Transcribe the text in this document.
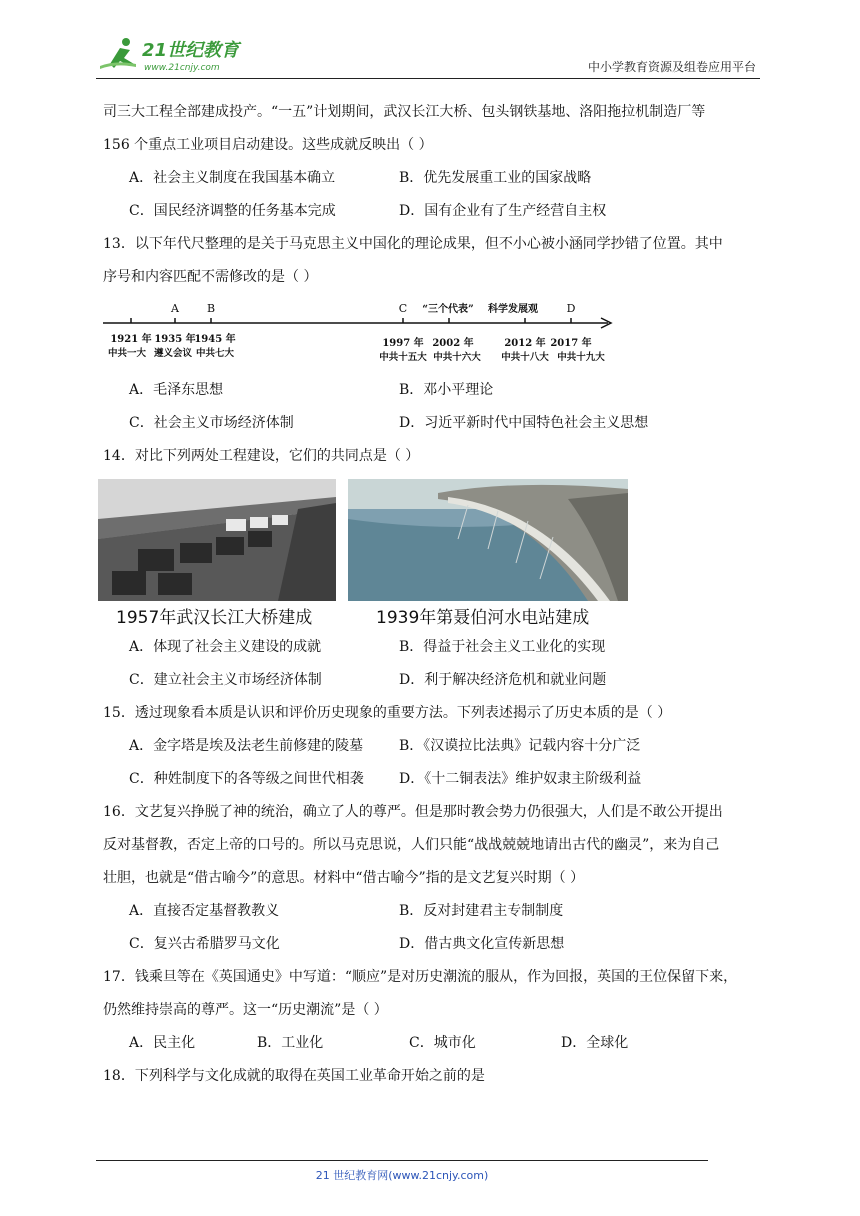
21世纪教育
www.21cnjy.com	中小学教育资源及组卷应用平台

司三大工程全部建成投产。“一五”计划期间，武汉长江大桥、包头钢铁基地、洛阳拖拉机制造厂等

156 个重点工业项目启动建设。这些成就反映出（ ）

A．社会主义制度在我国基本确立	B．优先发展重工业的国家战略
C．国民经济调整的任务基本完成	D．国有企业有了生产经营自主权

13．以下年代尺整理的是关于马克思主义中国化的理论成果，但不小心被小涵同学抄错了位置。其中

序号和内容匹配不需修改的是（ ）

A	B	C “三个代表” 科学发展观	D
1921 年 1935 年
1945 年	1997 年 2002 年	2012 年 2017 年
中共一大 遵义会议 中共七大	中共十五大 中共十六大 中共十八大 中共十九大
A．毛泽东思想	B．邓小平理论
C．社会主义市场经济体制	D．习近平新时代中国特色社会主义思想

14．对比下列两处工程建设，它们的共同点是（ ）

1957年武汉长江大桥建成	1939年第聂伯河水电站建成
A．体现了社会主义建设的成就	B．得益于社会主义工业化的实现
C．建立社会主义市场经济体制	D．利于解决经济危机和就业问题

15．透过现象看本质是认识和评价历史现象的重要方法。下列表述揭示了历史本质的是（ ）

A．金字塔是埃及法老生前修建的陵墓	B．《汉谟拉比法典》记载内容十分广泛
C．种姓制度下的各等级之间世代相袭	D．《十二铜表法》维护奴隶主阶级利益

16．文艺复兴挣脱了神的统治，确立了人的尊严。但是那时教会势力仍很强大，人们是不敢公开提出

反对基督教，否定上帝的口号的。所以马克思说，人们只能“战战兢兢地请出古代的幽灵”，来为自己

壮胆，也就是“借古喻今”的意思。材料中“借古喻今”指的是文艺复兴时期（ ）

A．直接否定基督教教义	B．反对封建君主专制制度
C．复兴古希腊罗马文化	D．借古典文化宣传新思想

17．钱乘旦等在《英国通史》中写道：“顺应”是对历史潮流的服从，作为回报，英国的王位保留下来，

仍然维持崇高的尊严。这一“历史潮流”是（ ）

A．民主化	B．工业化	C．城市化	D．全球化

18．下列科学与文化成就的取得在英国工业革命开始之前的是

21 世纪教育网(www.21cnjy.com)
